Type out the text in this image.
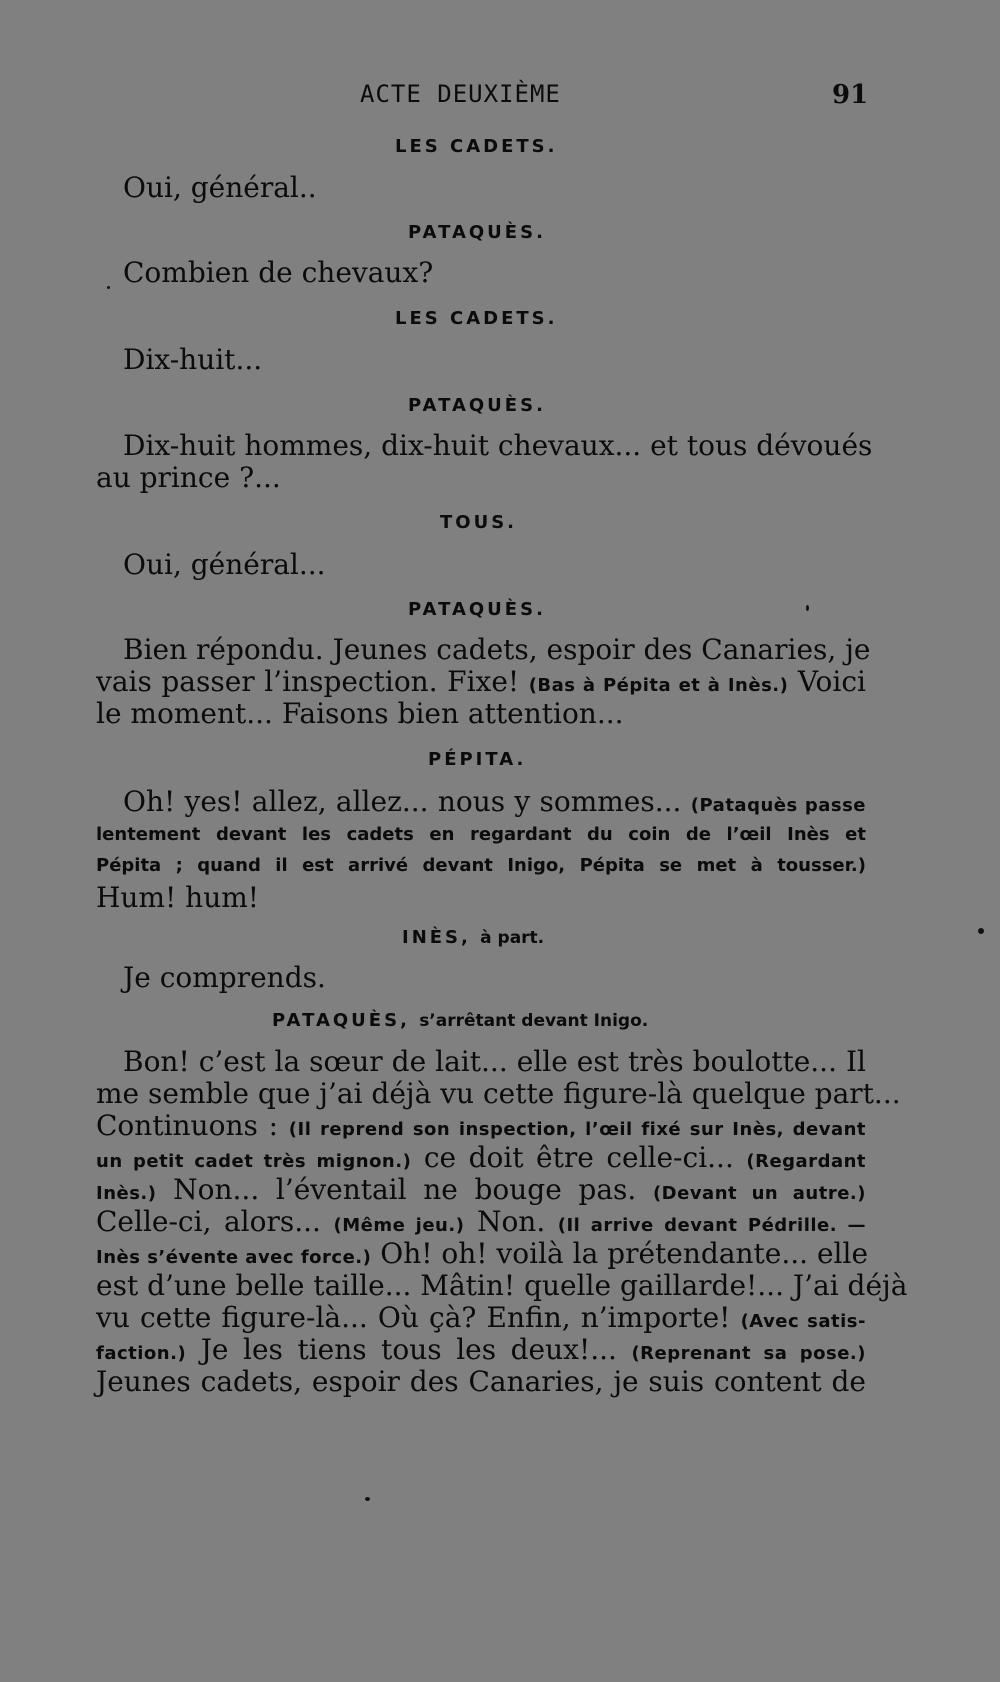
ACTE DEUXIÈME	91
LES CADETS.
Oui, général..
PATAQUÈS.
Combien de chevaux?
LES CADETS.
Dix-huit...
PATAQUÈS.
Dix-huit hommes, dix-huit chevaux... et tous dévoués
au prince ?...
TOUS.
Oui, général...
PATAQUÈS.
Bien répondu. Jeunes cadets, espoir des Canaries, je
vais passer l’inspection. Fixe! (Bas à Pépita et à Inès.) Voici
le moment... Faisons bien attention...
PÉPITA.
Oh! yes! allez, allez... nous y sommes... (Pataquès passe
lentement devant les cadets en regardant du coin de l’œil Inès et
Pépita ; quand il est arrivé devant Inigo, Pépita se met à tousser.)
Hum! hum!
INÈS, à part.
Je comprends.
PATAQUÈS, s’arrêtant devant Inigo.
Bon! c’est la sœur de lait... elle est très boulotte... Il
me semble que j’ai déjà vu cette figure-là quelque part...
Continuons : (Il reprend son inspection, l’œil fixé sur Inès, devant
un petit cadet très mignon.) ce doit être celle-ci... (Regardant
Inès.) Non... l’éventail ne bouge pas. (Devant un autre.)
Celle-ci, alors... (Même jeu.) Non. (Il arrive devant Pédrille. —
Inès s’évente avec force.) Oh! oh! voilà la prétendante... elle
est d’une belle taille... Mâtin! quelle gaillarde!... J’ai déjà
vu cette figure-là... Où çà? Enfin, n’importe! (Avec satis-
faction.) Je les tiens tous les deux!... (Reprenant sa pose.)
Jeunes cadets, espoir des Canaries, je suis content de
